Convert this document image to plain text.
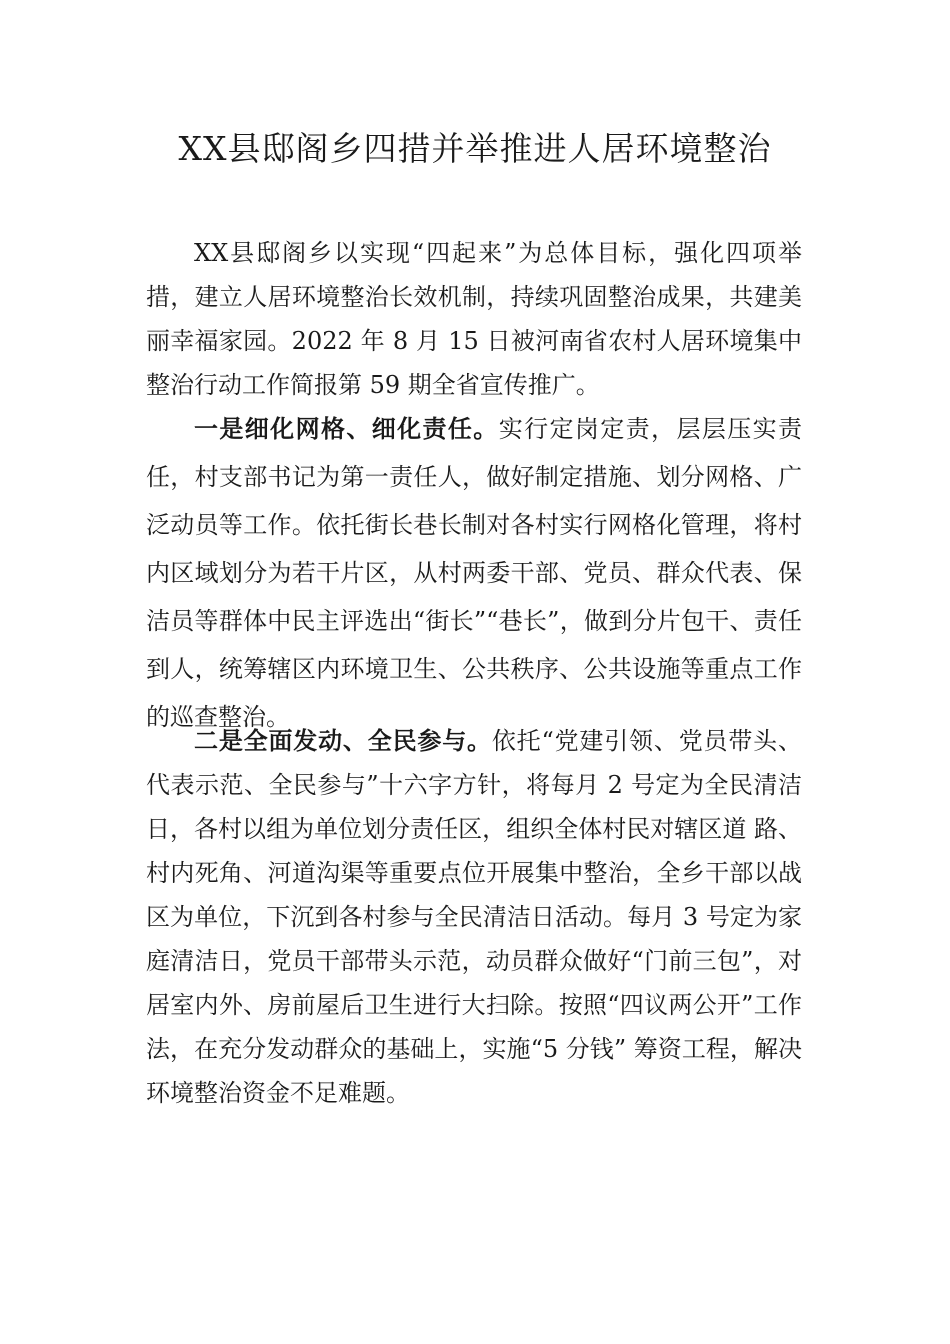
XX县邸阁乡四措并举推进人居环境整治

XX县邸阁乡以实现“四起来”为总体目标，强化四项举措，建立人居环境整治长效机制，持续巩固整治成果，共建美丽幸福家园。2022 年 8 月 15 日被河南省农村人居环境集中整治行动工作简报第 59 期全省宣传推广。

一是细化网格、细化责任。实行定岗定责，层层压实责任，村支部书记为第一责任人，做好制定措施、划分网格、广泛动员等工作。依托街长巷长制对各村实行网格化管理，将村内区域划分为若干片区，从村两委干部、党员、群众代表、保洁员等群体中民主评选出“街长”“巷长”，做到分片包干、责任到人，统筹辖区内环境卫生、公共秩序、公共设施等重点工作的巡查整治。

二是全面发动、全民参与。依托“党建引领、党员带头、代表示范、全民参与”十六字方针，将每月 2 号定为全民清洁日，各村以组为单位划分责任区，组织全体村民对辖区道 路、村内死角、河道沟渠等重要点位开展集中整治，全乡干部以战区为单位，下沉到各村参与全民清洁日活动。每月 3 号定为家庭清洁日，党员干部带头示范，动员群众做好“门前三包”，对居室内外、房前屋后卫生进行大扫除。按照“四议两公开”工作法，在充分发动群众的基础上，实施“5 分钱” 筹资工程，解决环境整治资金不足难题。
